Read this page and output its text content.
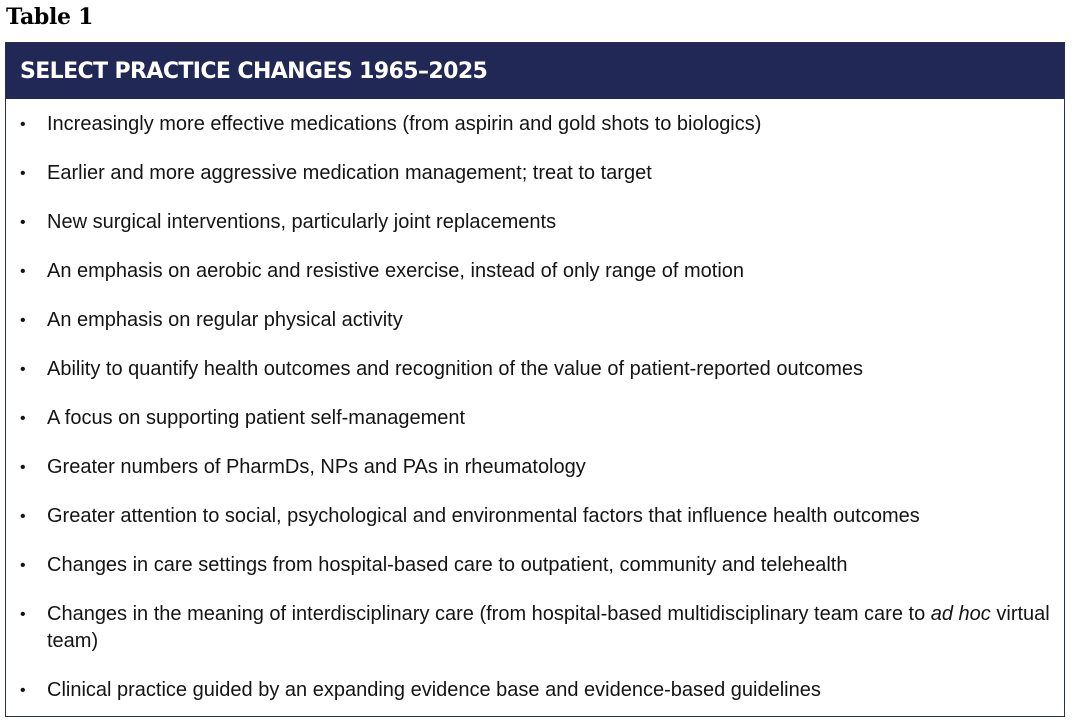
Table 1
SELECT PRACTICE CHANGES 1965–2025
• Increasingly more effective medications (from aspirin and gold shots to biologics)
• Earlier and more aggressive medication management; treat to target
• New surgical interventions, particularly joint replacements
• An emphasis on aerobic and resistive exercise, instead of only range of motion
• An emphasis on regular physical activity
• Ability to quantify health outcomes and recognition of the value of patient-reported outcomes
• A focus on supporting patient self-management
• Greater numbers of PharmDs, NPs and PAs in rheumatology
• Greater attention to social, psychological and environmental factors that influence health outcomes
• Changes in care settings from hospital-based care to outpatient, community and telehealth
• Changes in the meaning of interdisciplinary care (from hospital-based multidisciplinary team care to ad hoc virtual team)
• Clinical practice guided by an expanding evidence base and evidence-based guidelines
